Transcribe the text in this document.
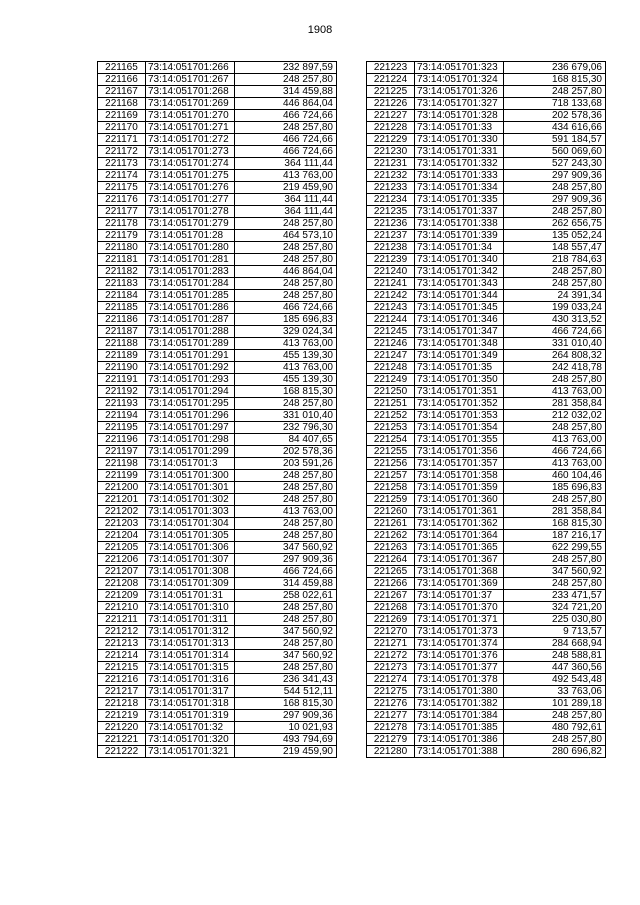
1908
221165	73:14:051701:266	232 897,59
221166	73:14:051701:267	248 257,80
221167	73:14:051701:268	314 459,88
221168	73:14:051701:269	446 864,04
221169	73:14:051701:270	466 724,66
221170	73:14:051701:271	248 257,80
221171	73:14:051701:272	466 724,66
221172	73:14:051701:273	466 724,66
221173	73:14:051701:274	364 111,44
221174	73:14:051701:275	413 763,00
221175	73:14:051701:276	219 459,90
221176	73:14:051701:277	364 111,44
221177	73:14:051701:278	364 111,44
221178	73:14:051701:279	248 257,80
221179	73:14:051701:28	464 573,10
221180	73:14:051701:280	248 257,80
221181	73:14:051701:281	248 257,80
221182	73:14:051701:283	446 864,04
221183	73:14:051701:284	248 257,80
221184	73:14:051701:285	248 257,80
221185	73:14:051701:286	466 724,66
221186	73:14:051701:287	185 696,83
221187	73:14:051701:288	329 024,34
221188	73:14:051701:289	413 763,00
221189	73:14:051701:291	455 139,30
221190	73:14:051701:292	413 763,00
221191	73:14:051701:293	455 139,30
221192	73:14:051701:294	168 815,30
221193	73:14:051701:295	248 257,80
221194	73:14:051701:296	331 010,40
221195	73:14:051701:297	232 796,30
221196	73:14:051701:298	84 407,65
221197	73:14:051701:299	202 578,36
221198	73:14:051701:3	203 591,26
221199	73:14:051701:300	248 257,80
221200	73:14:051701:301	248 257,80
221201	73:14:051701:302	248 257,80
221202	73:14:051701:303	413 763,00
221203	73:14:051701:304	248 257,80
221204	73:14:051701:305	248 257,80
221205	73:14:051701:306	347 560,92
221206	73:14:051701:307	297 909,36
221207	73:14:051701:308	466 724,66
221208	73:14:051701:309	314 459,88
221209	73:14:051701:31	258 022,61
221210	73:14:051701:310	248 257,80
221211	73:14:051701:311	248 257,80
221212	73:14:051701:312	347 560,92
221213	73:14:051701:313	248 257,80
221214	73:14:051701:314	347 560,92
221215	73:14:051701:315	248 257,80
221216	73:14:051701:316	236 341,43
221217	73:14:051701:317	544 512,11
221218	73:14:051701:318	168 815,30
221219	73:14:051701:319	297 909,36
221220	73:14:051701:32	10 021,93
221221	73:14:051701:320	493 794,69
221222	73:14:051701:321	219 459,90
221223	73:14:051701:323	236 679,06
221224	73:14:051701:324	168 815,30
221225	73:14:051701:326	248 257,80
221226	73:14:051701:327	718 133,68
221227	73:14:051701:328	202 578,36
221228	73:14:051701:33	434 616,66
221229	73:14:051701:330	591 184,57
221230	73:14:051701:331	560 069,60
221231	73:14:051701:332	527 243,30
221232	73:14:051701:333	297 909,36
221233	73:14:051701:334	248 257,80
221234	73:14:051701:335	297 909,36
221235	73:14:051701:337	248 257,80
221236	73:14:051701:338	262 656,75
221237	73:14:051701:339	135 052,24
221238	73:14:051701:34	148 557,47
221239	73:14:051701:340	218 784,63
221240	73:14:051701:342	248 257,80
221241	73:14:051701:343	248 257,80
221242	73:14:051701:344	24 391,34
221243	73:14:051701:345	199 033,24
221244	73:14:051701:346	430 313,52
221245	73:14:051701:347	466 724,66
221246	73:14:051701:348	331 010,40
221247	73:14:051701:349	264 808,32
221248	73:14:051701:35	242 418,78
221249	73:14:051701:350	248 257,80
221250	73:14:051701:351	413 763,00
221251	73:14:051701:352	281 358,84
221252	73:14:051701:353	212 032,02
221253	73:14:051701:354	248 257,80
221254	73:14:051701:355	413 763,00
221255	73:14:051701:356	466 724,66
221256	73:14:051701:357	413 763,00
221257	73:14:051701:358	460 104,46
221258	73:14:051701:359	185 696,83
221259	73:14:051701:360	248 257,80
221260	73:14:051701:361	281 358,84
221261	73:14:051701:362	168 815,30
221262	73:14:051701:364	187 216,17
221263	73:14:051701:365	622 299,55
221264	73:14:051701:367	248 257,80
221265	73:14:051701:368	347 560,92
221266	73:14:051701:369	248 257,80
221267	73:14:051701:37	233 471,57
221268	73:14:051701:370	324 721,20
221269	73:14:051701:371	225 030,80
221270	73:14:051701:373	9 713,57
221271	73:14:051701:374	284 668,94
221272	73:14:051701:376	248 588,81
221273	73:14:051701:377	447 360,56
221274	73:14:051701:378	492 543,48
221275	73:14:051701:380	33 763,06
221276	73:14:051701:382	101 289,18
221277	73:14:051701:384	248 257,80
221278	73:14:051701:385	480 792,61
221279	73:14:051701:386	248 257,80
221280	73:14:051701:388	280 696,82
